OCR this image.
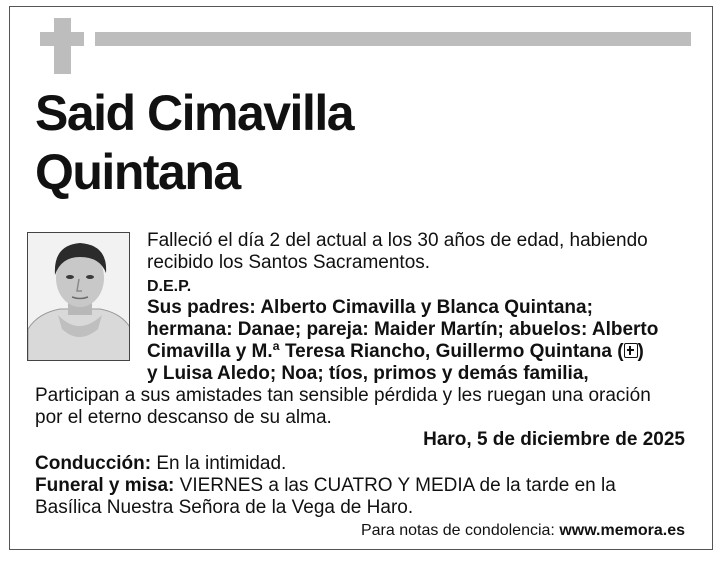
Said Cimavilla
Quintana
Falleció el día 2 del actual a los 30 años de edad, habiendo
recibido los Santos Sacramentos.
D.E.P.
Sus padres: Alberto Cimavilla y Blanca Quintana;
hermana: Danae; pareja: Maider Martín; abuelos: Alberto
Cimavilla y M.ª Teresa Riancho, Guillermo Quintana ( )
y Luisa Aledo; Noa; tíos, primos y demás familia,
Participan a sus amistades tan sensible pérdida y les ruegan una oración
por el eterno descanso de su alma.
Haro, 5 de diciembre de 2025
Conducción: En la intimidad.
Funeral y misa: VIERNES a las CUATRO Y MEDIA de la tarde en la
Basílica Nuestra Señora de la Vega de Haro.
Para notas de condolencia: www.memora.es
